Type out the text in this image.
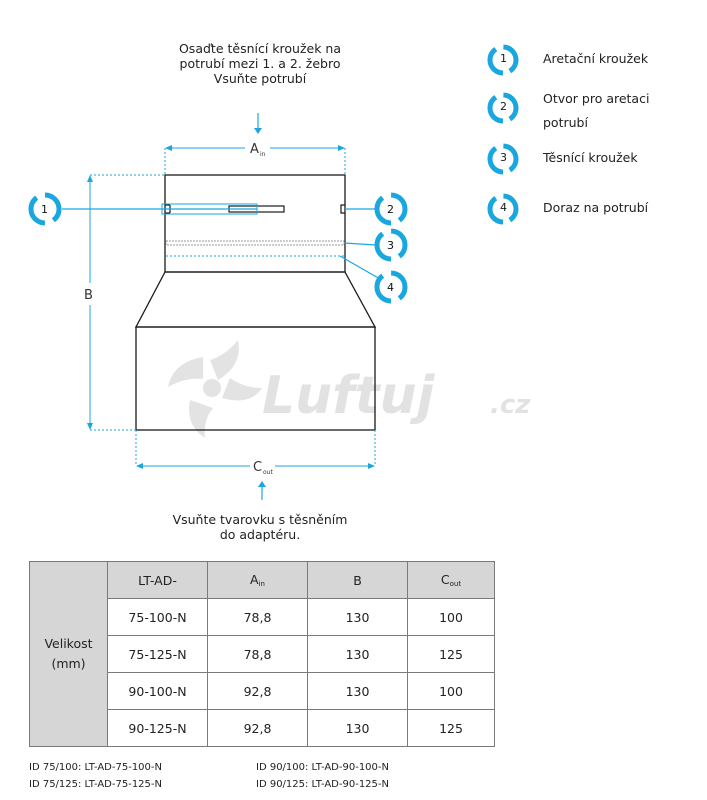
Osaďte těsnící kroužek na
potrubí mezi 1. a 2. žebro
Vsuňte potrubí
Luftuj .cz
A in
B
C out
1	2
3
4
1	Aretační kroužek
2
Otvor pro aretaci
potrubí
3	Těsnící kroužek
4	Doraz na potrubí
Vsuňte tvarovku s těsněním
do adaptéru.
Velikost
(mm)	LT-AD-	$A_{in}$	B	$C_{out}$
	75-100-N	78,8	130	100
	75-125-N	78,8	130	125
	90-100-N	92,8	130	100
	90-125-N	92,8	130	125
ID 75/100: LT-AD-75-100-N
ID 75/125: LT-AD-75-125-N
ID 90/100: LT-AD-90-100-N
ID 90/125: LT-AD-90-125-N
